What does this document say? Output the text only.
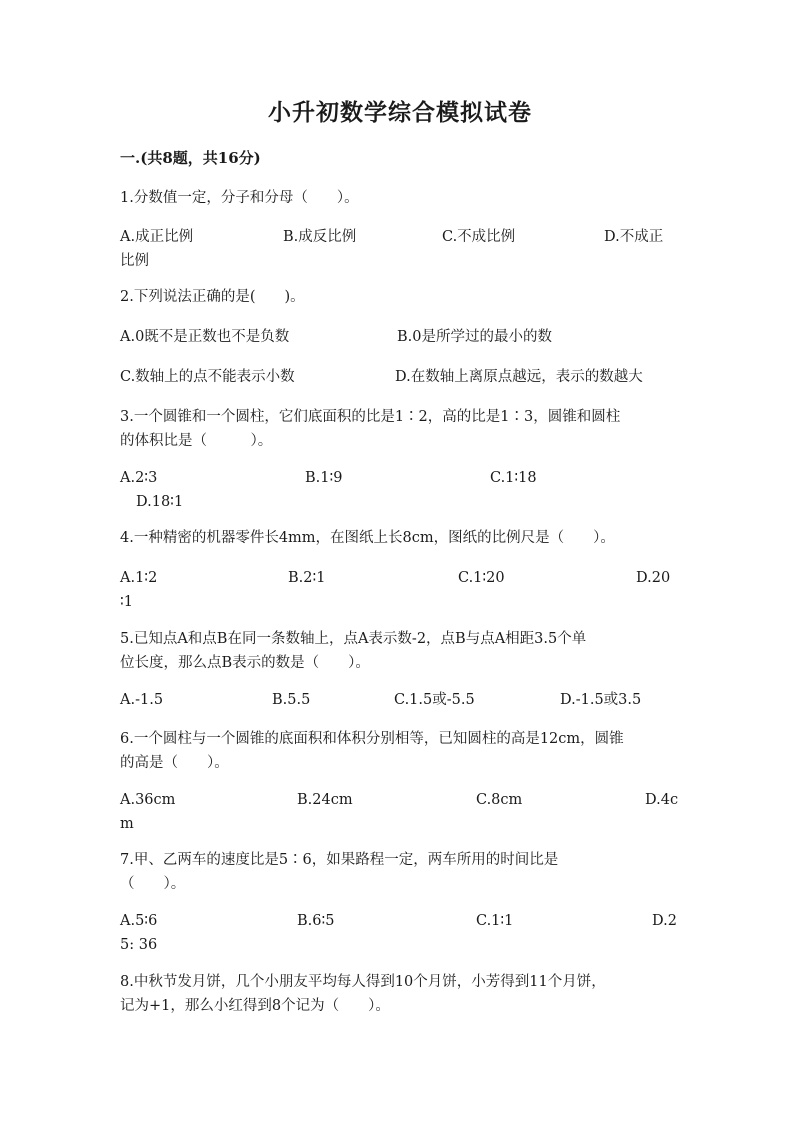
小升初数学综合模拟试卷
一.(共8题，共16分)
1.分数值一定，分子和分母（　　）。
A.成正比例	B.成反比例	C.不成比例	D.不成正
比例
2.下列说法正确的是(　　)。
A.0既不是正数也不是负数	B.0是所学过的最小的数
C.数轴上的点不能表示小数	D.在数轴上离原点越远，表示的数越大
3.一个圆锥和一个圆柱，它们底面积的比是1∶2，高的比是1∶3，圆锥和圆柱
的体积比是（　　　）。
A.2∶3	B.1∶9	C.1∶18
D.18∶1
4.一种精密的机器零件长4mm，在图纸上长8cm，图纸的比例尺是（　　）。
A.1∶2	B.2∶1	C.1∶20	D.20
∶1
5.已知点A和点B在同一条数轴上，点A表示数-2，点B与点A相距3.5个单
位长度，那么点B表示的数是（　　）。
A.-1.5	B.5.5	C.1.5或-5.5	D.-1.5或3.5
6.一个圆柱与一个圆锥的底面积和体积分别相等，已知圆柱的高是12cm，圆锥
的高是（　　）。
A.36cm	B.24cm	C.8cm	D.4c
m
7.甲、乙两车的速度比是5∶6，如果路程一定，两车所用的时间比是
（　　）。
A.5∶6	B.6∶5	C.1∶1	D.2
5: 36
8.中秋节发月饼，几个小朋友平均每人得到10个月饼，小芳得到11个月饼，
记为+1，那么小红得到8个记为（　　）。
